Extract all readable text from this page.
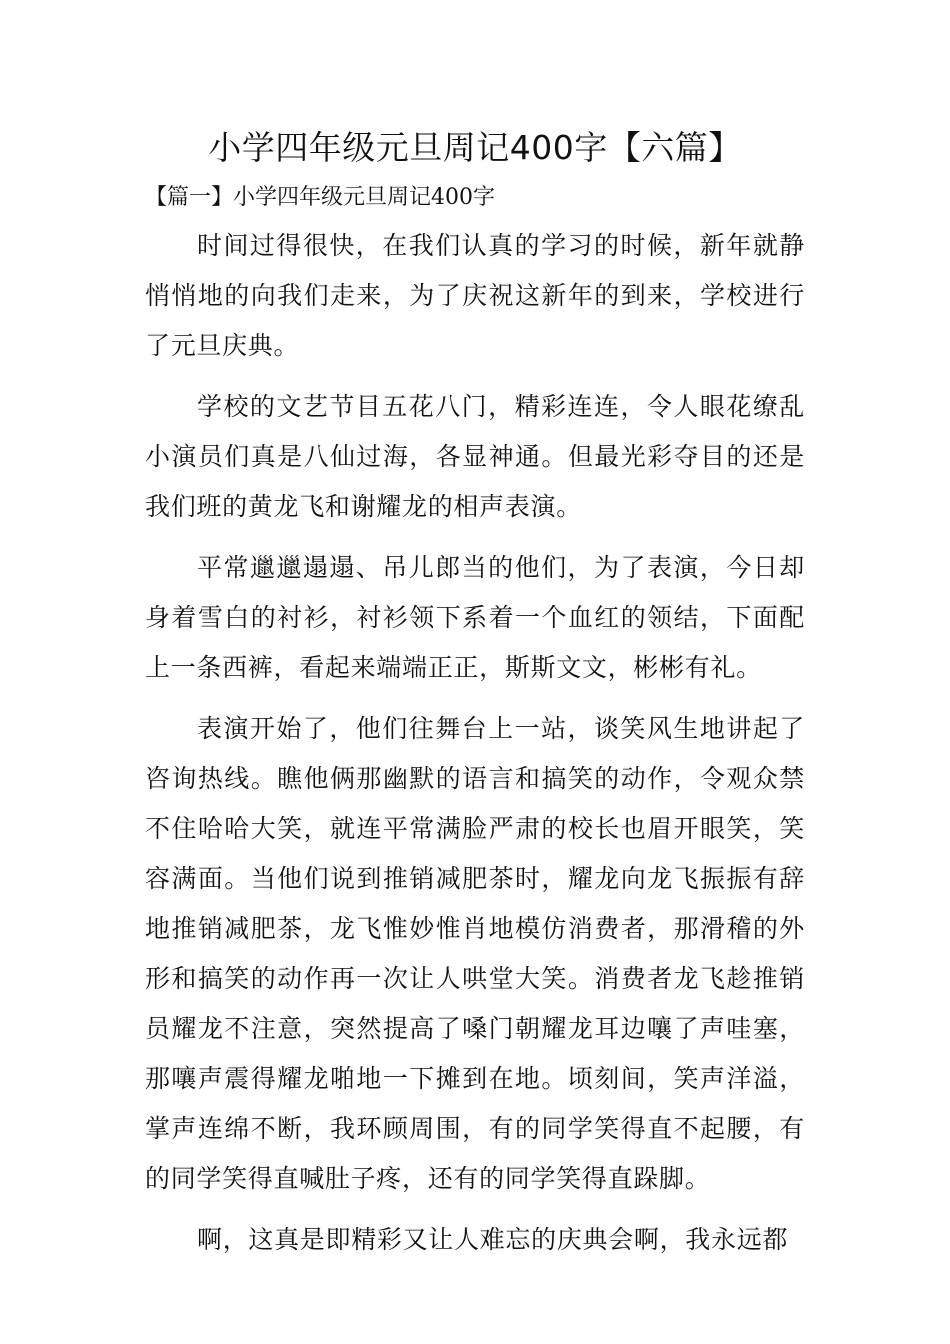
小学四年级元旦周记400字【六篇】
【篇一】小学四年级元旦周记400字

时间过得很快，在我们认真的学习的时候，新年就静悄悄地的向我们走来，为了庆祝这新年的到来，学校进行了元旦庆典。

学校的文艺节目五花八门，精彩连连，令人眼花缭乱小演员们真是八仙过海，各显神通。但最光彩夺目的还是我们班的黄龙飞和谢耀龙的相声表演。

平常邋邋遢遢、吊儿郎当的他们，为了表演，今日却身着雪白的衬衫，衬衫领下系着一个血红的领结，下面配上一条西裤，看起来端端正正，斯斯文文，彬彬有礼。

表演开始了，他们往舞台上一站，谈笑风生地讲起了咨询热线。瞧他俩那幽默的语言和搞笑的动作，令观众禁不住哈哈大笑，就连平常满脸严肃的校长也眉开眼笑，笑容满面。当他们说到推销减肥茶时，耀龙向龙飞振振有辞地推销减肥茶，龙飞惟妙惟肖地模仿消费者，那滑稽的外形和搞笑的动作再一次让人哄堂大笑。消费者龙飞趁推销员耀龙不注意，突然提高了嗓门朝耀龙耳边嚷了声哇塞，那嚷声震得耀龙啪地一下摊到在地。顷刻间，笑声洋溢，掌声连绵不断，我环顾周围，有的同学笑得直不起腰，有的同学笑得直喊肚子疼，还有的同学笑得直跺脚。

啊，这真是即精彩又让人难忘的庆典会啊，我永远都
